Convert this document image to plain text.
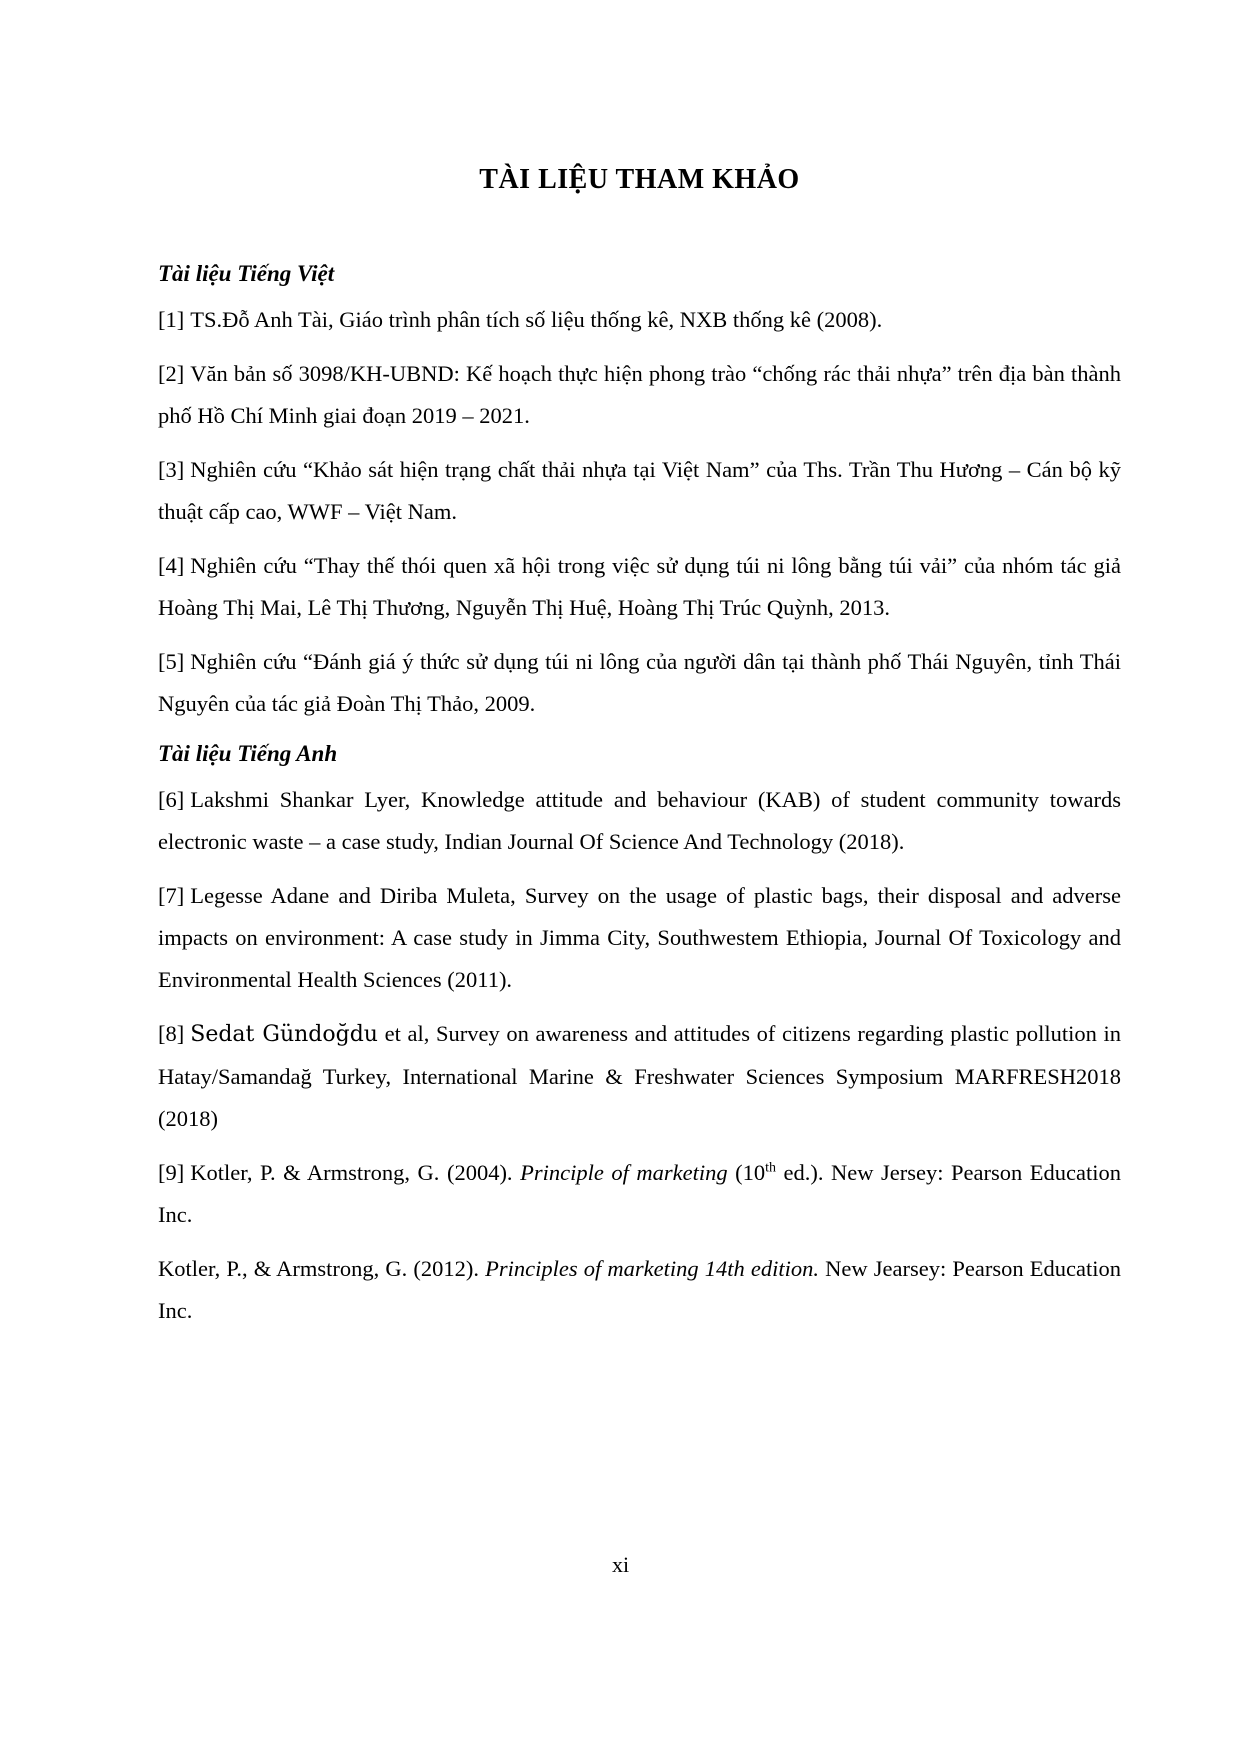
TÀI LIỆU THAM KHẢO
Tài liệu Tiếng Việt

[1] TS.Đỗ Anh Tài, Giáo trình phân tích số liệu thống kê, NXB thống kê (2008).

[2] Văn bản số 3098/KH-UBND: Kế hoạch thực hiện phong trào “chống rác thải nhựa” trên địa bàn thành phố Hồ Chí Minh giai đoạn 2019 – 2021.

[3] Nghiên cứu “Khảo sát hiện trạng chất thải nhựa tại Việt Nam” của Ths. Trần Thu Hương – Cán bộ kỹ thuật cấp cao, WWF – Việt Nam.

[4] Nghiên cứu “Thay thế thói quen xã hội trong việc sử dụng túi ni lông bằng túi vải” của nhóm tác giả Hoàng Thị Mai, Lê Thị Thương, Nguyễn Thị Huệ, Hoàng Thị Trúc Quỳnh, 2013.

[5] Nghiên cứu “Đánh giá ý thức sử dụng túi ni lông của người dân tại thành phố Thái Nguyên, tỉnh Thái Nguyên của tác giả Đoàn Thị Thảo, 2009.

Tài liệu Tiếng Anh

[6] Lakshmi Shankar Lyer, Knowledge attitude and behaviour (KAB) of student community towards electronic waste – a case study, Indian Journal Of Science And Technology (2018).

[7] Legesse Adane and Diriba Muleta, Survey on the usage of plastic bags, their disposal and adverse impacts on environment: A case study in Jimma City, Southwestem Ethiopia, Journal Of Toxicology and Environmental Health Sciences (2011).

[8] Sedat Gündoğdu et al, Survey on awareness and attitudes of citizens regarding plastic pollution in Hatay/Samandağ Turkey, International Marine & Freshwater Sciences Symposium MARFRESH2018 (2018)

[9] Kotler, P. & Armstrong, G. (2004). Principle of marketing (10th ed.). New Jersey: Pearson Education Inc.

Kotler, P., & Armstrong, G. (2012). Principles of marketing 14th edition. New Jearsey: Pearson Education Inc.

xi
